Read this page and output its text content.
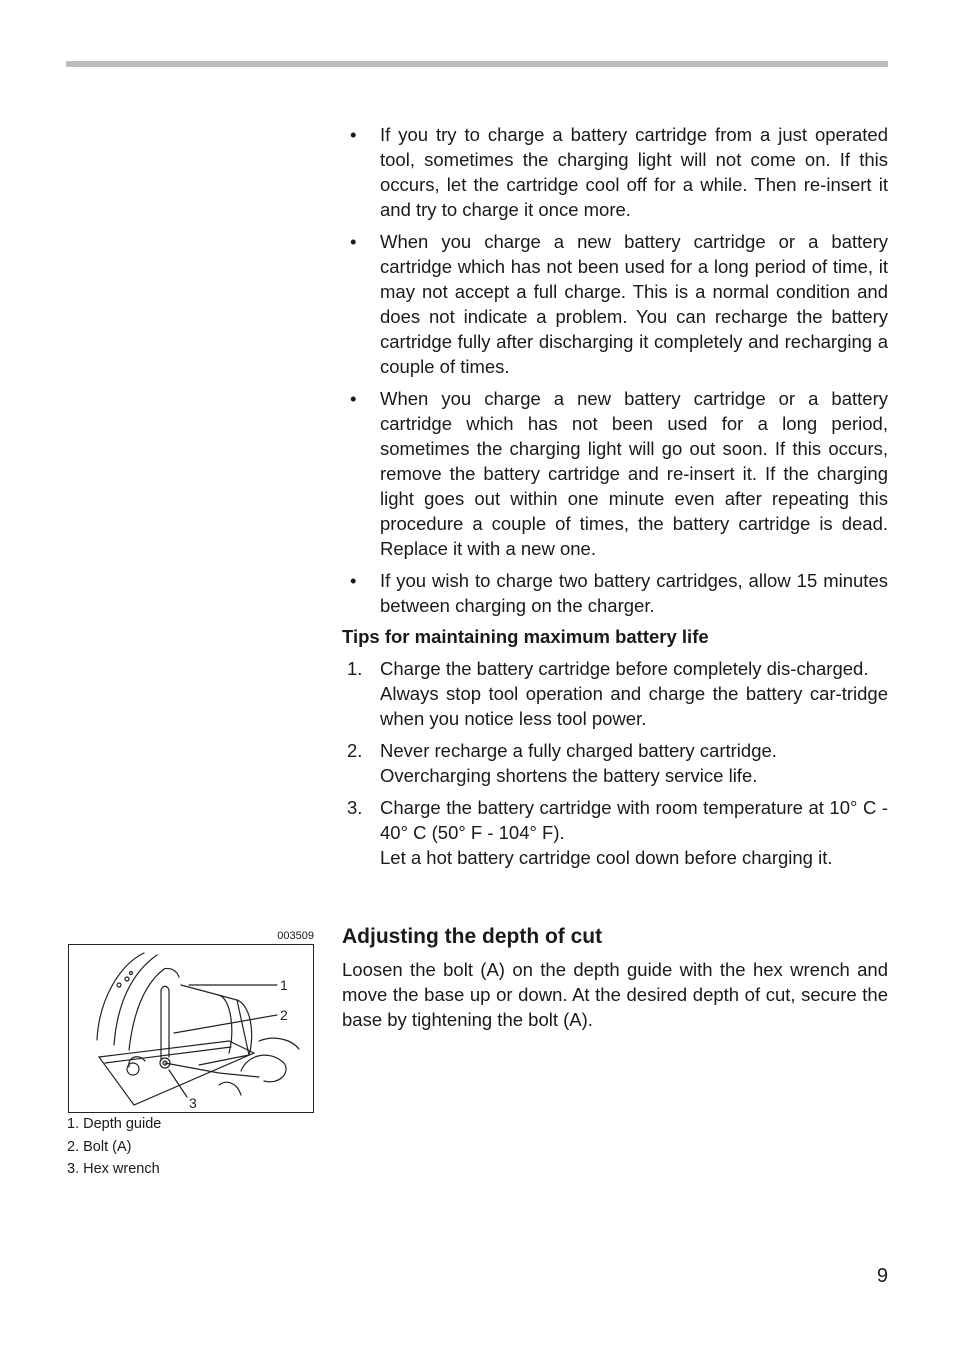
• If you try to charge a battery cartridge from a just operated tool, sometimes the charging light will not come on. If this occurs, let the cartridge cool off for a while. Then re-insert it and try to charge it once more.

• When you charge a new battery cartridge or a battery cartridge which has not been used for a long period of time, it may not accept a full charge. This is a normal condition and does not indicate a problem. You can recharge the battery cartridge fully after discharging it completely and recharging a couple of times.

• When you charge a new battery cartridge or a battery cartridge which has not been used for a long period, sometimes the charging light will go out soon. If this occurs, remove the battery cartridge and re-insert it. If the charging light goes out within one minute even after repeating this procedure a couple of times, the battery cartridge is dead. Replace it with a new one.

• If you wish to charge two battery cartridges, allow 15 minutes between charging on the charger.

Tips for maintaining maximum battery life
1. Charge the battery cartridge before completely dis-charged.

Always stop tool operation and charge the battery car-tridge when you notice less tool power.

2. Never recharge a fully charged battery cartridge.

Overcharging shortens the battery service life.

3. Charge the battery cartridge with room temperature at 10° C - 40° C (50° F - 104° F).

Let a hot battery cartridge cool down before charging it.

Adjusting the depth of cut

Loosen the bolt (A) on the depth guide with the hex wrench and move the base up or down. At the desired depth of cut, secure the base by tightening the bolt (A).

003509
1
2
3
1. Depth guide
2. Bolt (A)
3. Hex wrench
9
